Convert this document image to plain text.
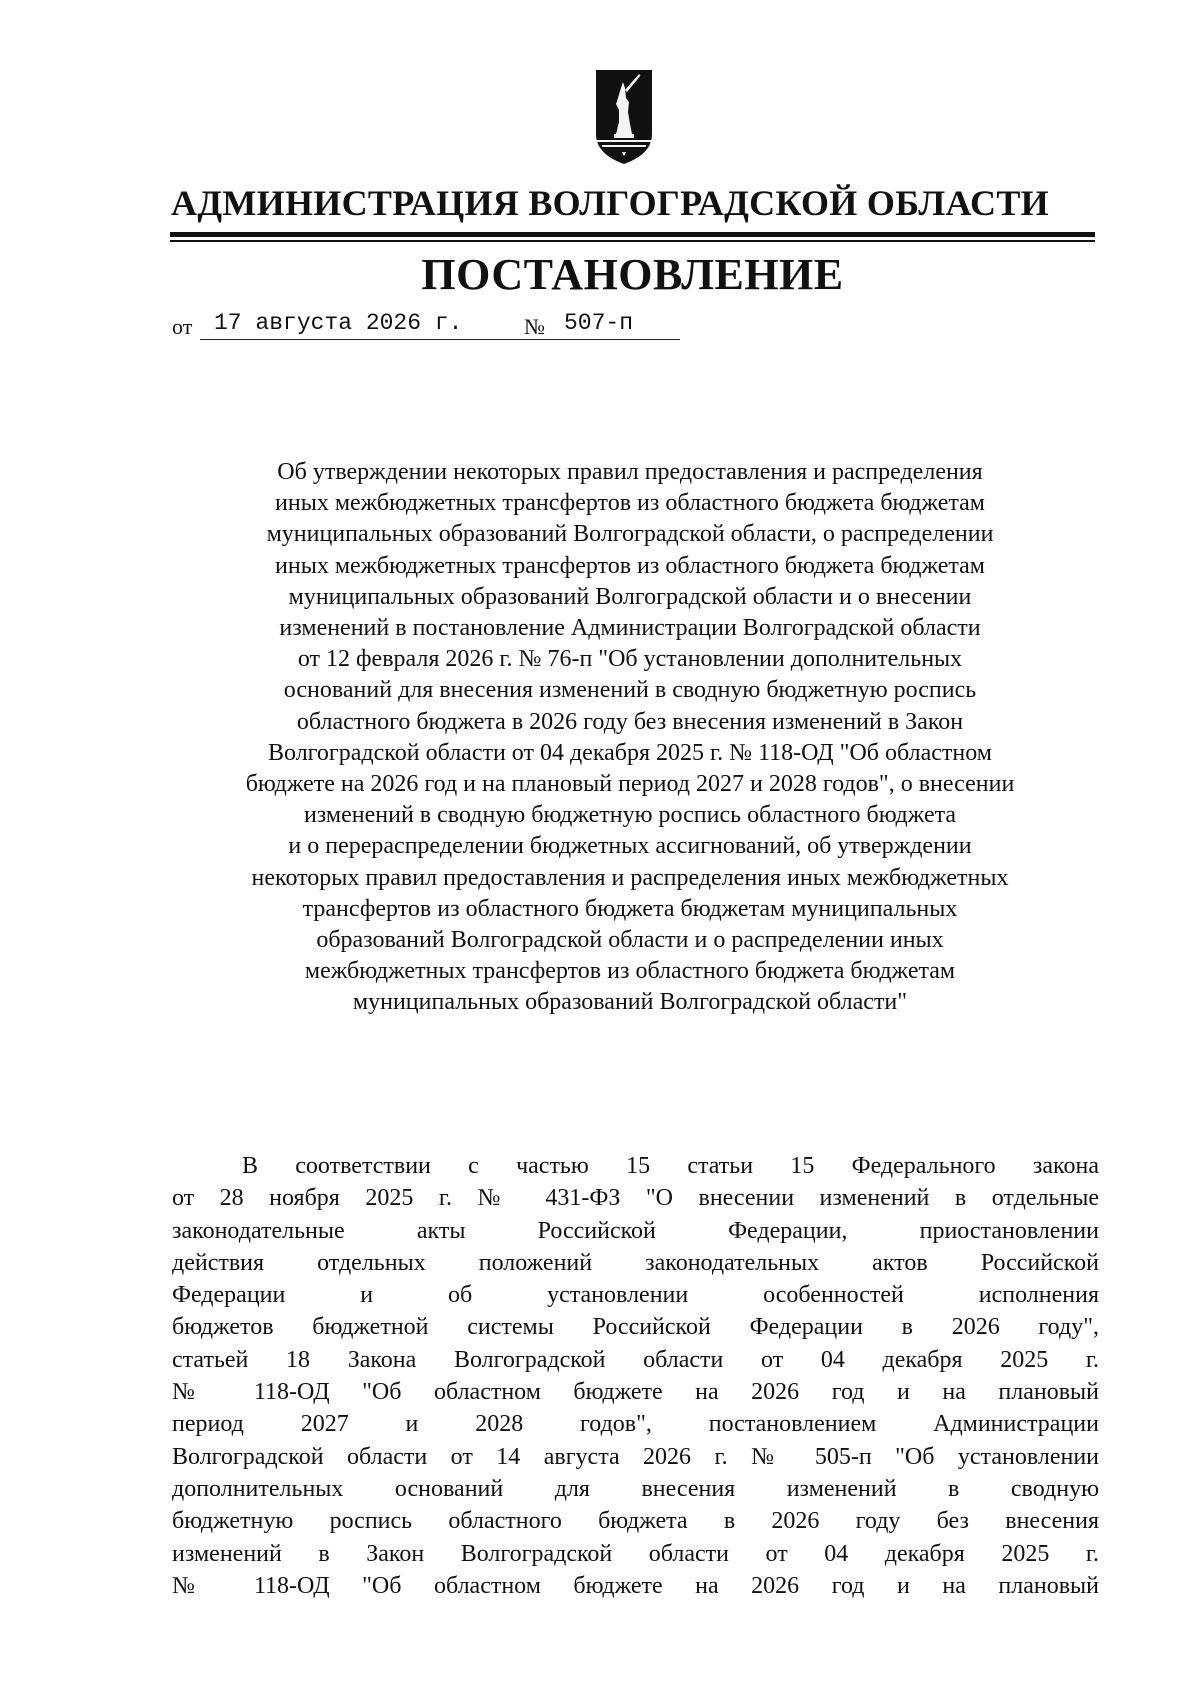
АДМИНИСТРАЦИЯ ВОЛГОГРАДСКОЙ ОБЛАСТИ
ПОСТАНОВЛЕНИЕ
от 17 августа 2026 г.	№ 507-п
Об утверждении некоторых правил предоставления и распределения
иных межбюджетных трансфертов из областного бюджета бюджетам
муниципальных образований Волгоградской области, о распределении
иных межбюджетных трансфертов из областного бюджета бюджетам
муниципальных образований Волгоградской области и о внесении
изменений в постановление Администрации Волгоградской области
от 12 февраля 2026 г. № 76-п "Об установлении дополнительных
оснований для внесения изменений в сводную бюджетную роспись
областного бюджета в 2026 году без внесения изменений в Закон
Волгоградской области от 04 декабря 2025 г. № 118-ОД "Об областном
бюджете на 2026 год и на плановый период 2027 и 2028 годов", о внесении
изменений в сводную бюджетную роспись областного бюджета
и о перераспределении бюджетных ассигнований, об утверждении
некоторых правил предоставления и распределения иных межбюджетных
трансфертов из областного бюджета бюджетам муниципальных
образований Волгоградской области и о распределении иных
межбюджетных трансфертов из областного бюджета бюджетам
муниципальных образований Волгоградской области"
В соответствии с частью 15 статьи 15 Федерального закона
от 28 ноября 2025 г. № 431-ФЗ "О внесении изменений в отдельные
законодательные акты Российской Федерации, приостановлении
действия отдельных положений законодательных актов Российской
Федерации и об установлении особенностей исполнения
бюджетов бюджетной системы Российской Федерации в 2026 году",
статьей 18 Закона Волгоградской области от 04 декабря 2025 г.
№ 118-ОД "Об областном бюджете на 2026 год и на плановый
период 2027 и 2028 годов", постановлением Администрации
Волгоградской области от 14 августа 2026 г. № 505-п "Об установлении
дополнительных оснований для внесения изменений в сводную
бюджетную роспись областного бюджета в 2026 году без внесения
изменений в Закон Волгоградской области от 04 декабря 2025 г.
№ 118-ОД "Об областном бюджете на 2026 год и на плановый
